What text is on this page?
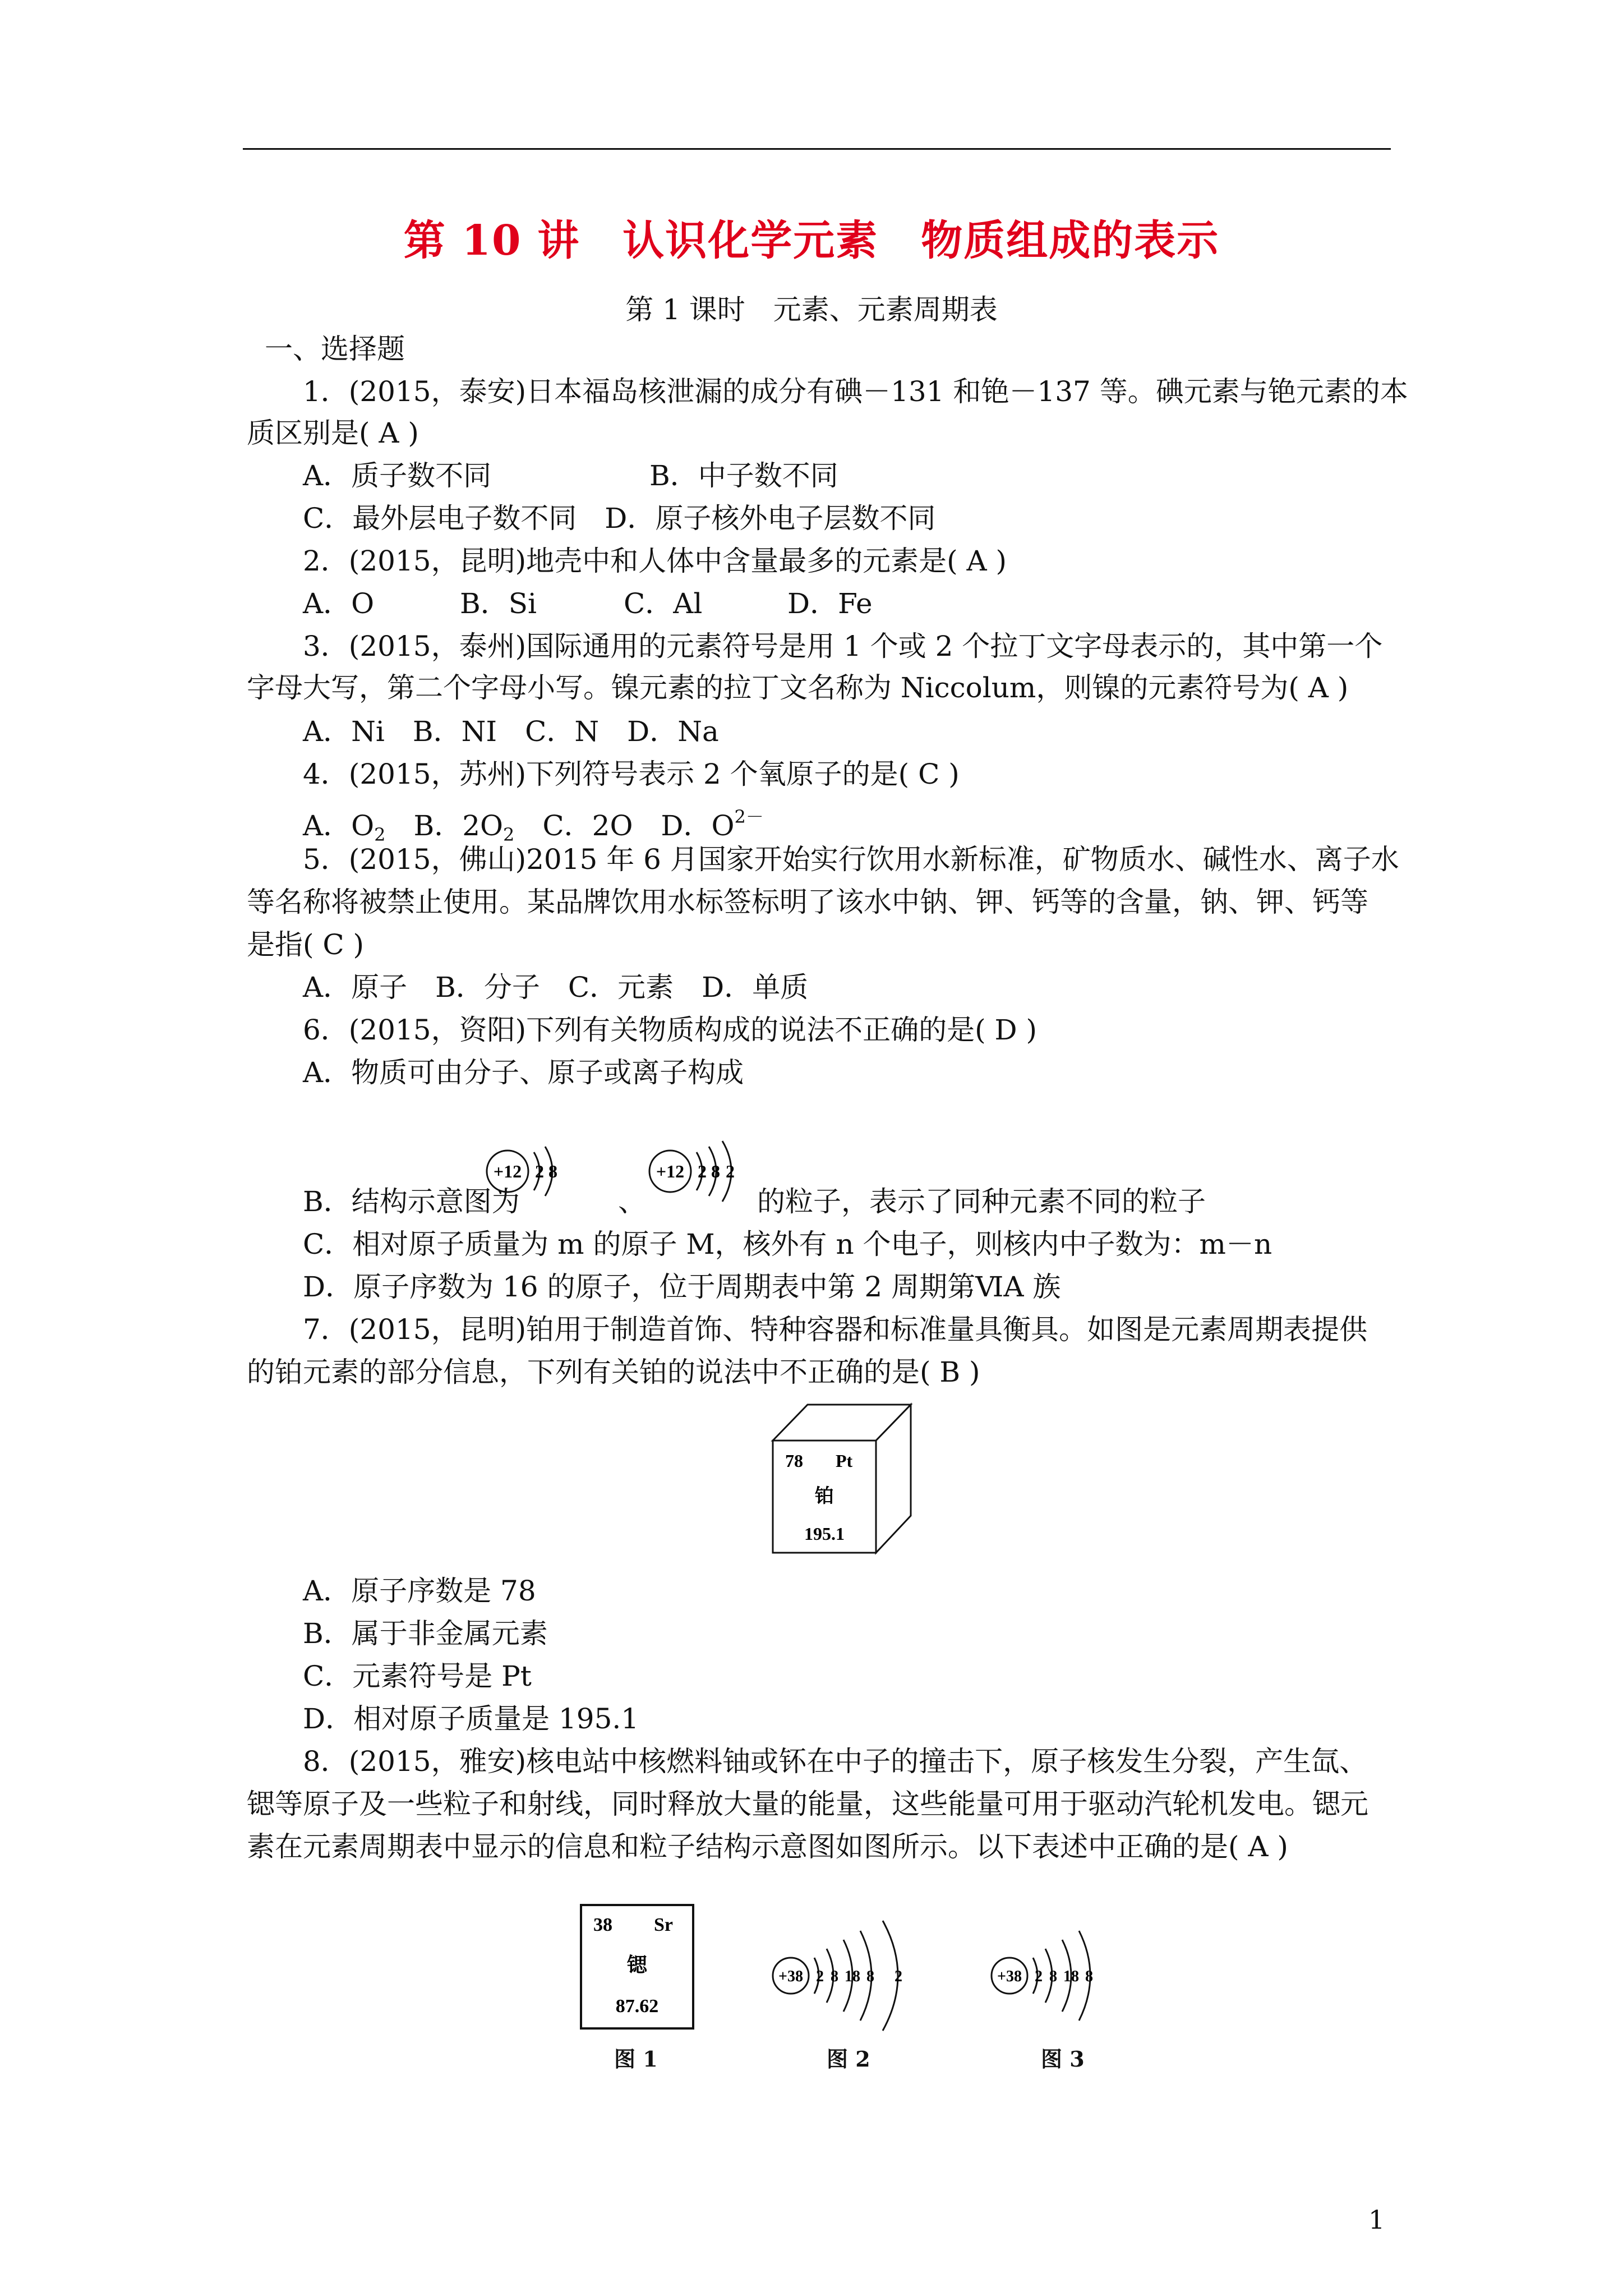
第 10 讲　认识化学元素　物质组成的表示
第 1 课时　元素、元素周期表
一、选择题
1．(2015，泰安)日本福岛核泄漏的成分有碘－131 和铯－137 等。碘元素与铯元素的本
质区别是( A )
A．质子数不同	B．中子数不同
C．最外层电子数不同　D．原子核外电子层数不同
2．(2015，昆明)地壳中和人体中含量最多的元素是( A )
A．O	B．Si	C．Al	D．Fe
3．(2015，泰州)国际通用的元素符号是用 1 个或 2 个拉丁文字母表示的，其中第一个
字母大写，第二个字母小写。镍元素的拉丁文名称为 Niccolum，则镍的元素符号为( A )
A．Ni　B．NI　C．N　D．Na
4．(2015，苏州)下列符号表示 2 个氧原子的是( C )
A．$O_2$　B．$2O_2$　C．2O　D．$O^{2-}$
5．(2015，佛山)2015 年 6 月国家开始实行饮用水新标准，矿物质水、碱性水、离子水
等名称将被禁止使用。某品牌饮用水标签标明了该水中钠、钾、钙等的含量，钠、钾、钙等
是指( C )
A．原子　B．分子　C．元素　D．单质
6．(2015，资阳)下列有关物质构成的说法不正确的是( D )
A．物质可由分子、原子或离子构成
+12 2 8	+12 2 8 2
B．结构示意图为	、	的粒子，表示了同种元素不同的粒子
C．相对原子质量为 m 的原子 M，核外有 n 个电子，则核内中子数为：m－n
D．原子序数为 16 的原子，位于周期表中第 2 周期第ⅥA 族
7．(2015，昆明)铂用于制造首饰、特种容器和标准量具衡具。如图是元素周期表提供
的铂元素的部分信息，下列有关铂的说法中不正确的是( B )
78 Pt
铂
195.1
A．原子序数是 78
B．属于非金属元素
C．元素符号是 Pt
D．相对原子质量是 195.1
8．(2015，雅安)核电站中核燃料铀或钚在中子的撞击下，原子核发生分裂，产生氙、
锶等原子及一些粒子和射线，同时释放大量的能量，这些能量可用于驱动汽轮机发电。锶元
素在元素周期表中显示的信息和粒子结构示意图如图所示。以下表述中正确的是( A )
38 Sr
锶
87.62
+38 2 8 18 8 2	+38 2 8 18 8
图 1	图 2	图 3
1
